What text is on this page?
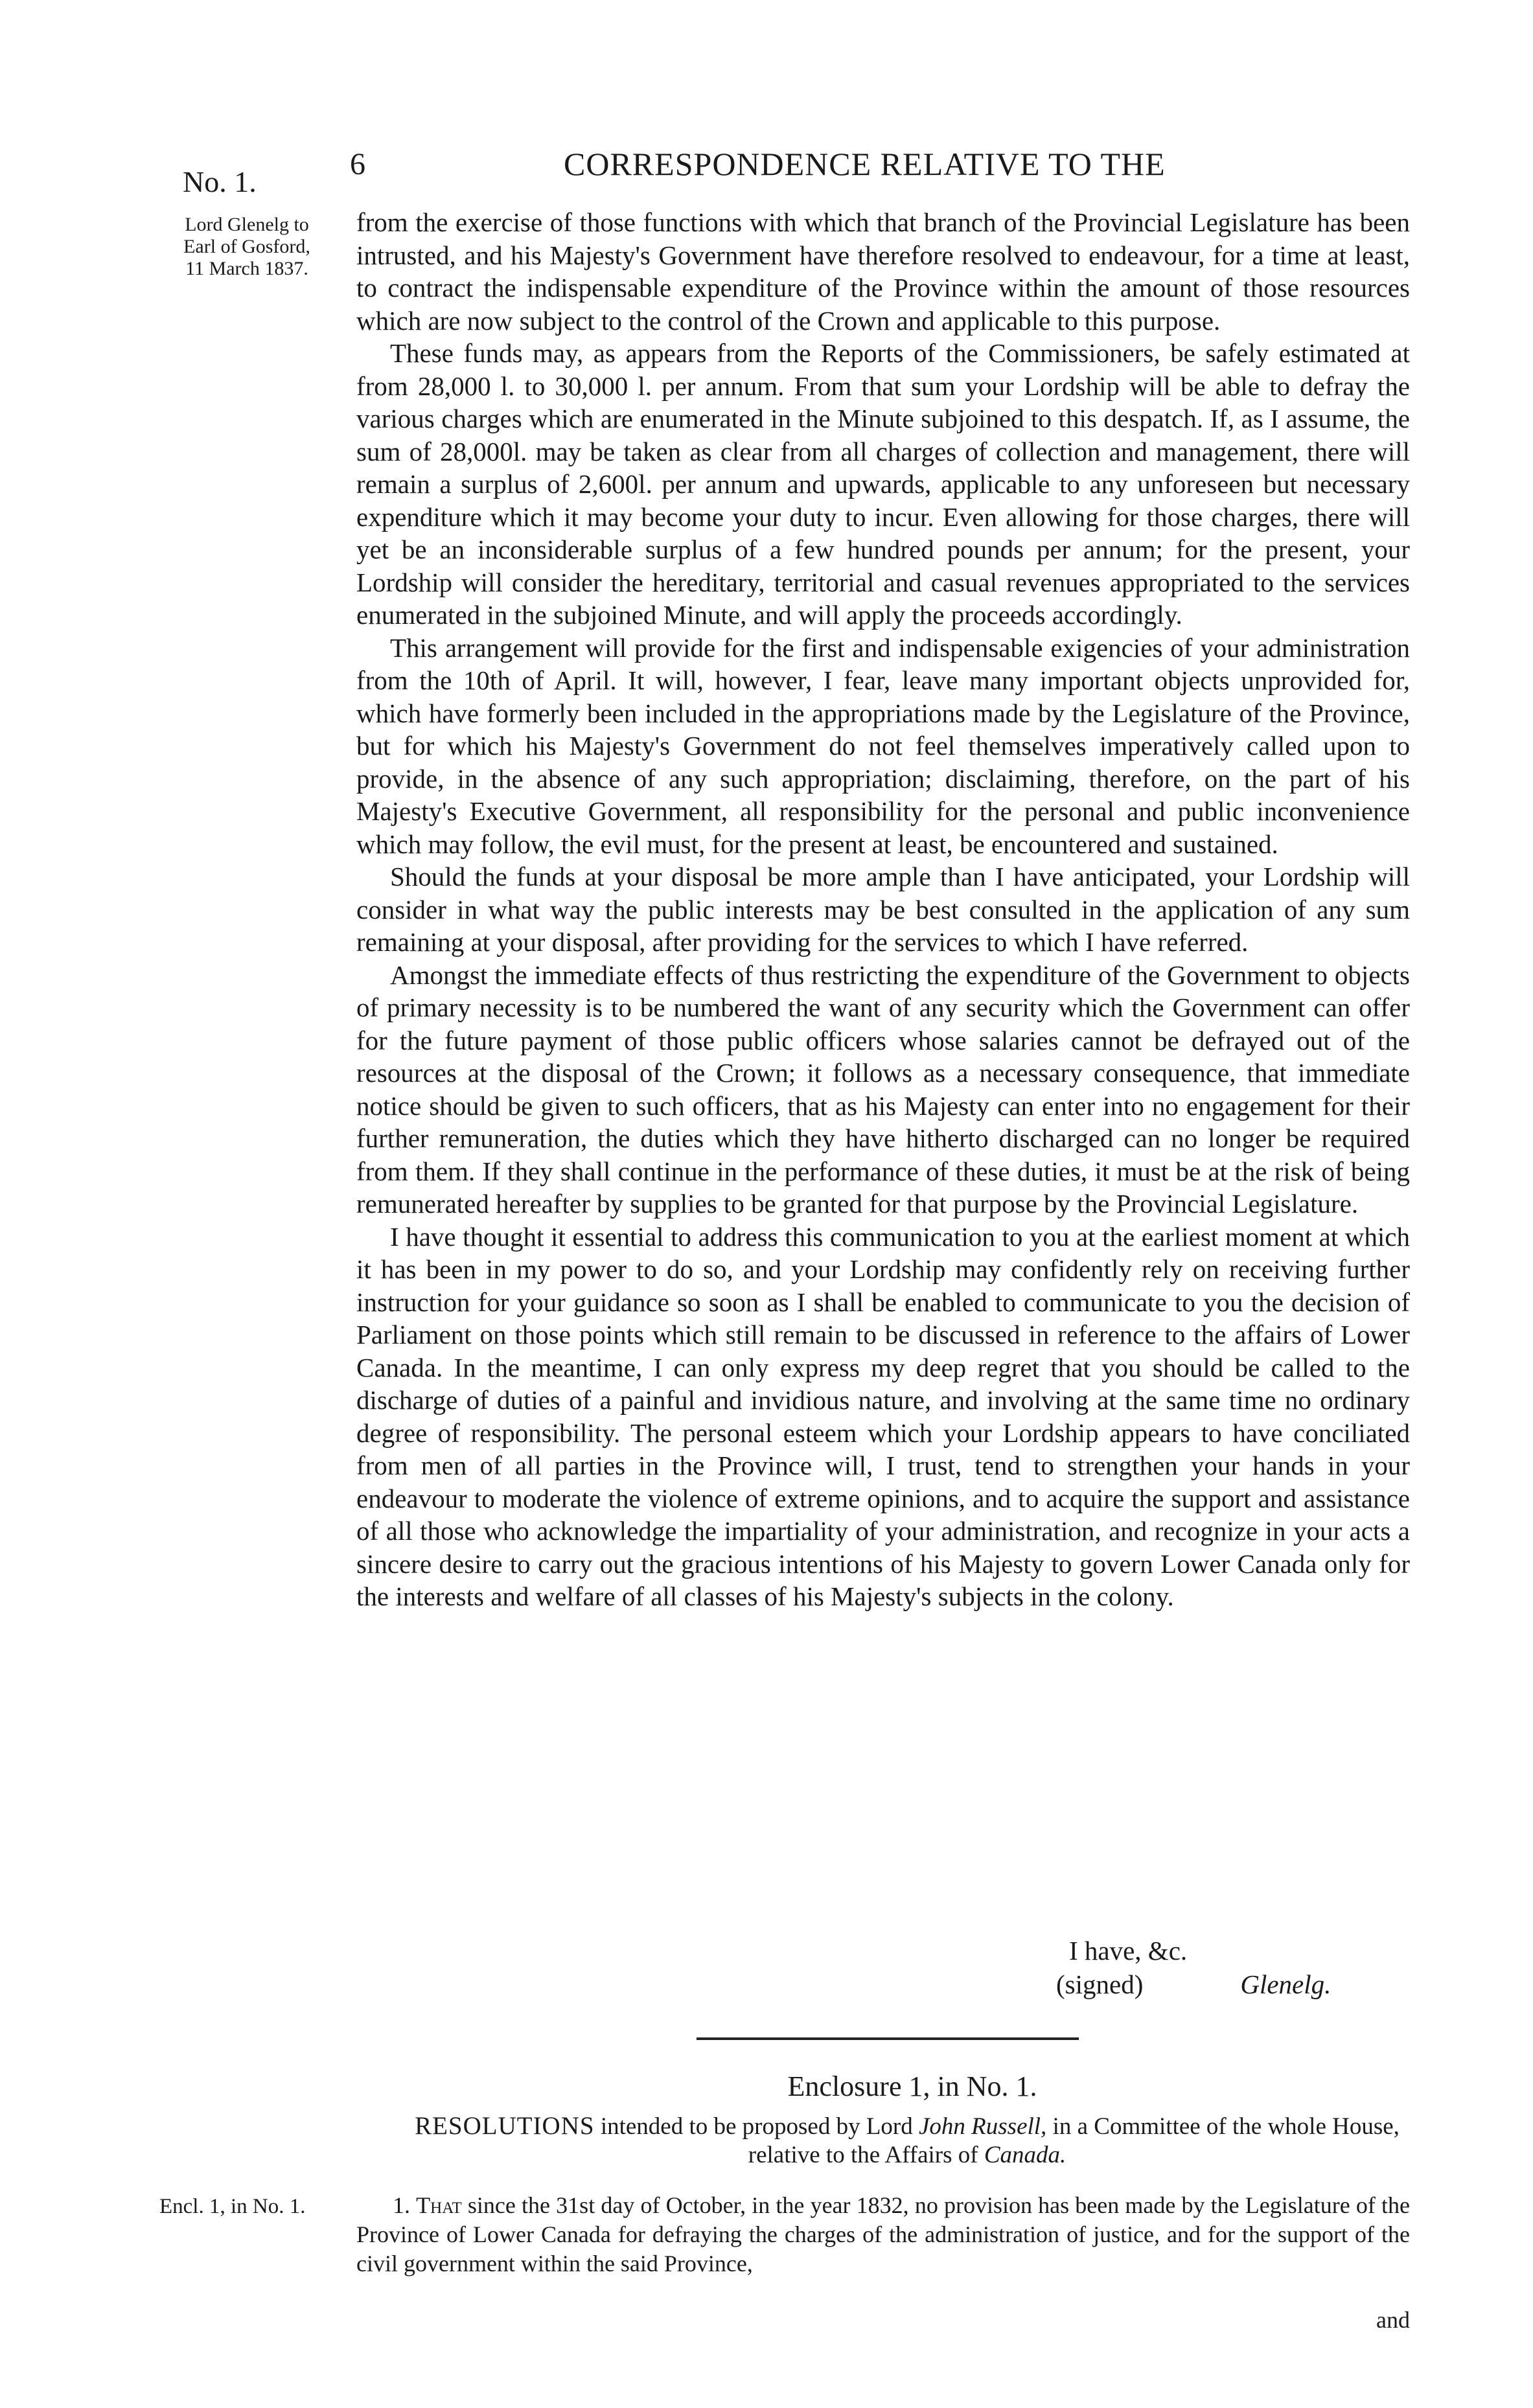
No. 1.
6	CORRESPONDENCE RELATIVE TO THE
Lord Glenelg to
Earl of Gosford,
11 March 1837.

from the exercise of those functions with which that branch of the Provincial Legislature has been intrusted, and his Majesty's Government have therefore resolved to endeavour, for a time at least, to contract the indispensable expenditure of the Province within the amount of those resources which are now subject to the control of the Crown and applicable to this purpose.

These funds may, as appears from the Reports of the Commissioners, be safely estimated at from 28,000 l. to 30,000 l. per annum. From that sum your Lordship will be able to defray the various charges which are enumerated in the Minute subjoined to this despatch. If, as I assume, the sum of 28,000l. may be taken as clear from all charges of collection and management, there will remain a surplus of 2,600l. per annum and upwards, applicable to any unforeseen but necessary expenditure which it may become your duty to incur. Even allowing for those charges, there will yet be an inconsiderable surplus of a few hundred pounds per annum; for the present, your Lordship will consider the hereditary, territorial and casual revenues appropriated to the services enumerated in the subjoined Minute, and will apply the proceeds accordingly.

This arrangement will provide for the first and indispensable exigencies of your administration from the 10th of April. It will, however, I fear, leave many important objects unprovided for, which have formerly been included in the appropriations made by the Legislature of the Province, but for which his Majesty's Government do not feel themselves imperatively called upon to provide, in the absence of any such appropriation; disclaiming, therefore, on the part of his Majesty's Executive Government, all responsibility for the personal and public inconvenience which may follow, the evil must, for the present at least, be encountered and sustained.

Should the funds at your disposal be more ample than I have anticipated, your Lordship will consider in what way the public interests may be best consulted in the application of any sum remaining at your disposal, after providing for the services to which I have referred.

Amongst the immediate effects of thus restricting the expenditure of the Government to objects of primary necessity is to be numbered the want of any security which the Government can offer for the future payment of those public officers whose salaries cannot be defrayed out of the resources at the disposal of the Crown; it follows as a necessary consequence, that immediate notice should be given to such officers, that as his Majesty can enter into no engagement for their further remuneration, the duties which they have hitherto discharged can no longer be required from them. If they shall continue in the performance of these duties, it must be at the risk of being remunerated hereafter by supplies to be granted for that purpose by the Provincial Legislature.

I have thought it essential to address this communication to you at the earliest moment at which it has been in my power to do so, and your Lordship may confidently rely on receiving further instruction for your guidance so soon as I shall be enabled to communicate to you the decision of Parliament on those points which still remain to be discussed in reference to the affairs of Lower Canada. In the meantime, I can only express my deep regret that you should be called to the discharge of duties of a painful and invidious nature, and involving at the same time no ordinary degree of responsibility. The personal esteem which your Lordship appears to have conciliated from men of all parties in the Province will, I trust, tend to strengthen your hands in your endeavour to moderate the violence of extreme opinions, and to acquire the support and assistance of all those who acknowledge the impartiality of your administration, and recognize in your acts a sincere desire to carry out the gracious intentions of his Majesty to govern Lower Canada only for the interests and welfare of all classes of his Majesty's subjects in the colony.

I have, &c.
(signed)	Glenelg.
Enclosure 1, in No. 1.
RESOLUTIONS intended to be proposed by Lord John Russell, in a Committee of the whole House, relative to the Affairs of Canada.
Encl. 1, in No. 1.	1. That since the 31st day of October, in the year 1832, no provision has been made by the Legislature of the Province of Lower Canada for defraying the charges of the administration of justice, and for the support of the civil government within the said Province,

and
